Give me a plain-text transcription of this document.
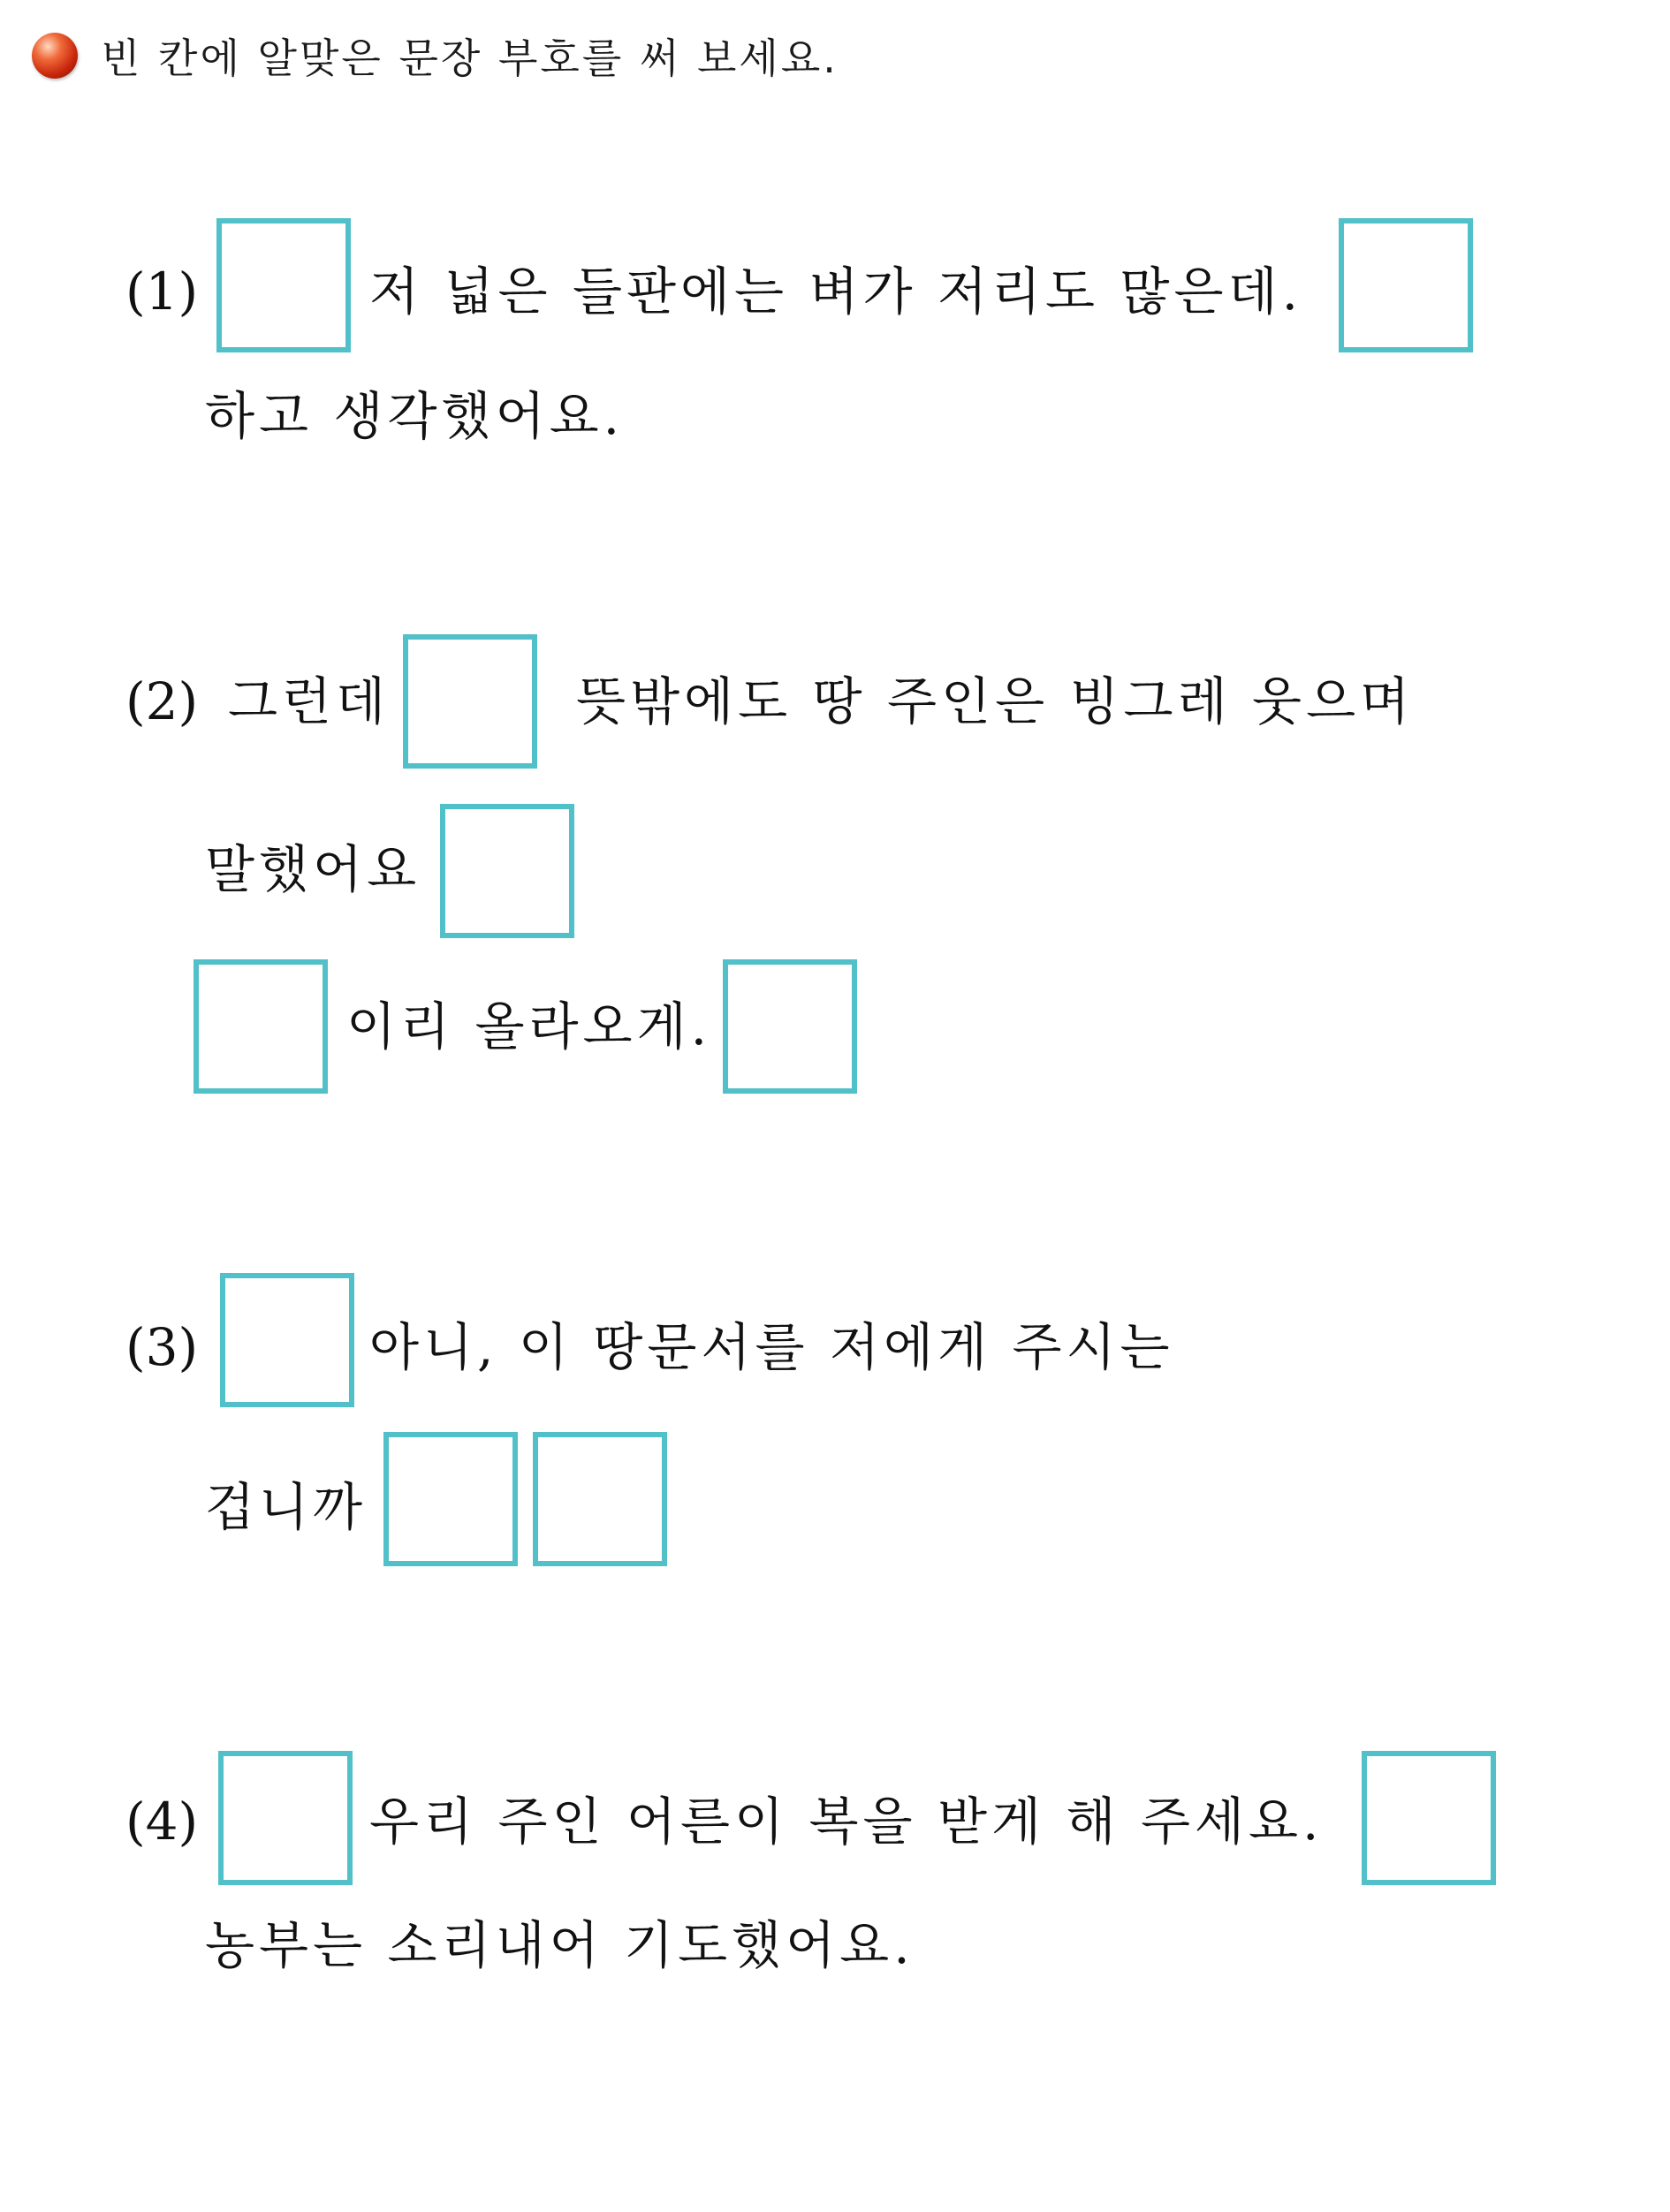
빈 칸에 알맞은 문장 부호를 써 보세요.
(1)	저 넓은 들판에는 벼가 저리도 많은데.
하고 생각했어요.
(2) 그런데	뜻밖에도 땅 주인은 빙그레 웃으며
말했어요
이리 올라오게.
(3)	아니, 이 땅문서를 저에게 주시는
겁니까
(4)	우리 주인 어른이 복을 받게 해 주세요.
농부는 소리내어 기도했어요.
